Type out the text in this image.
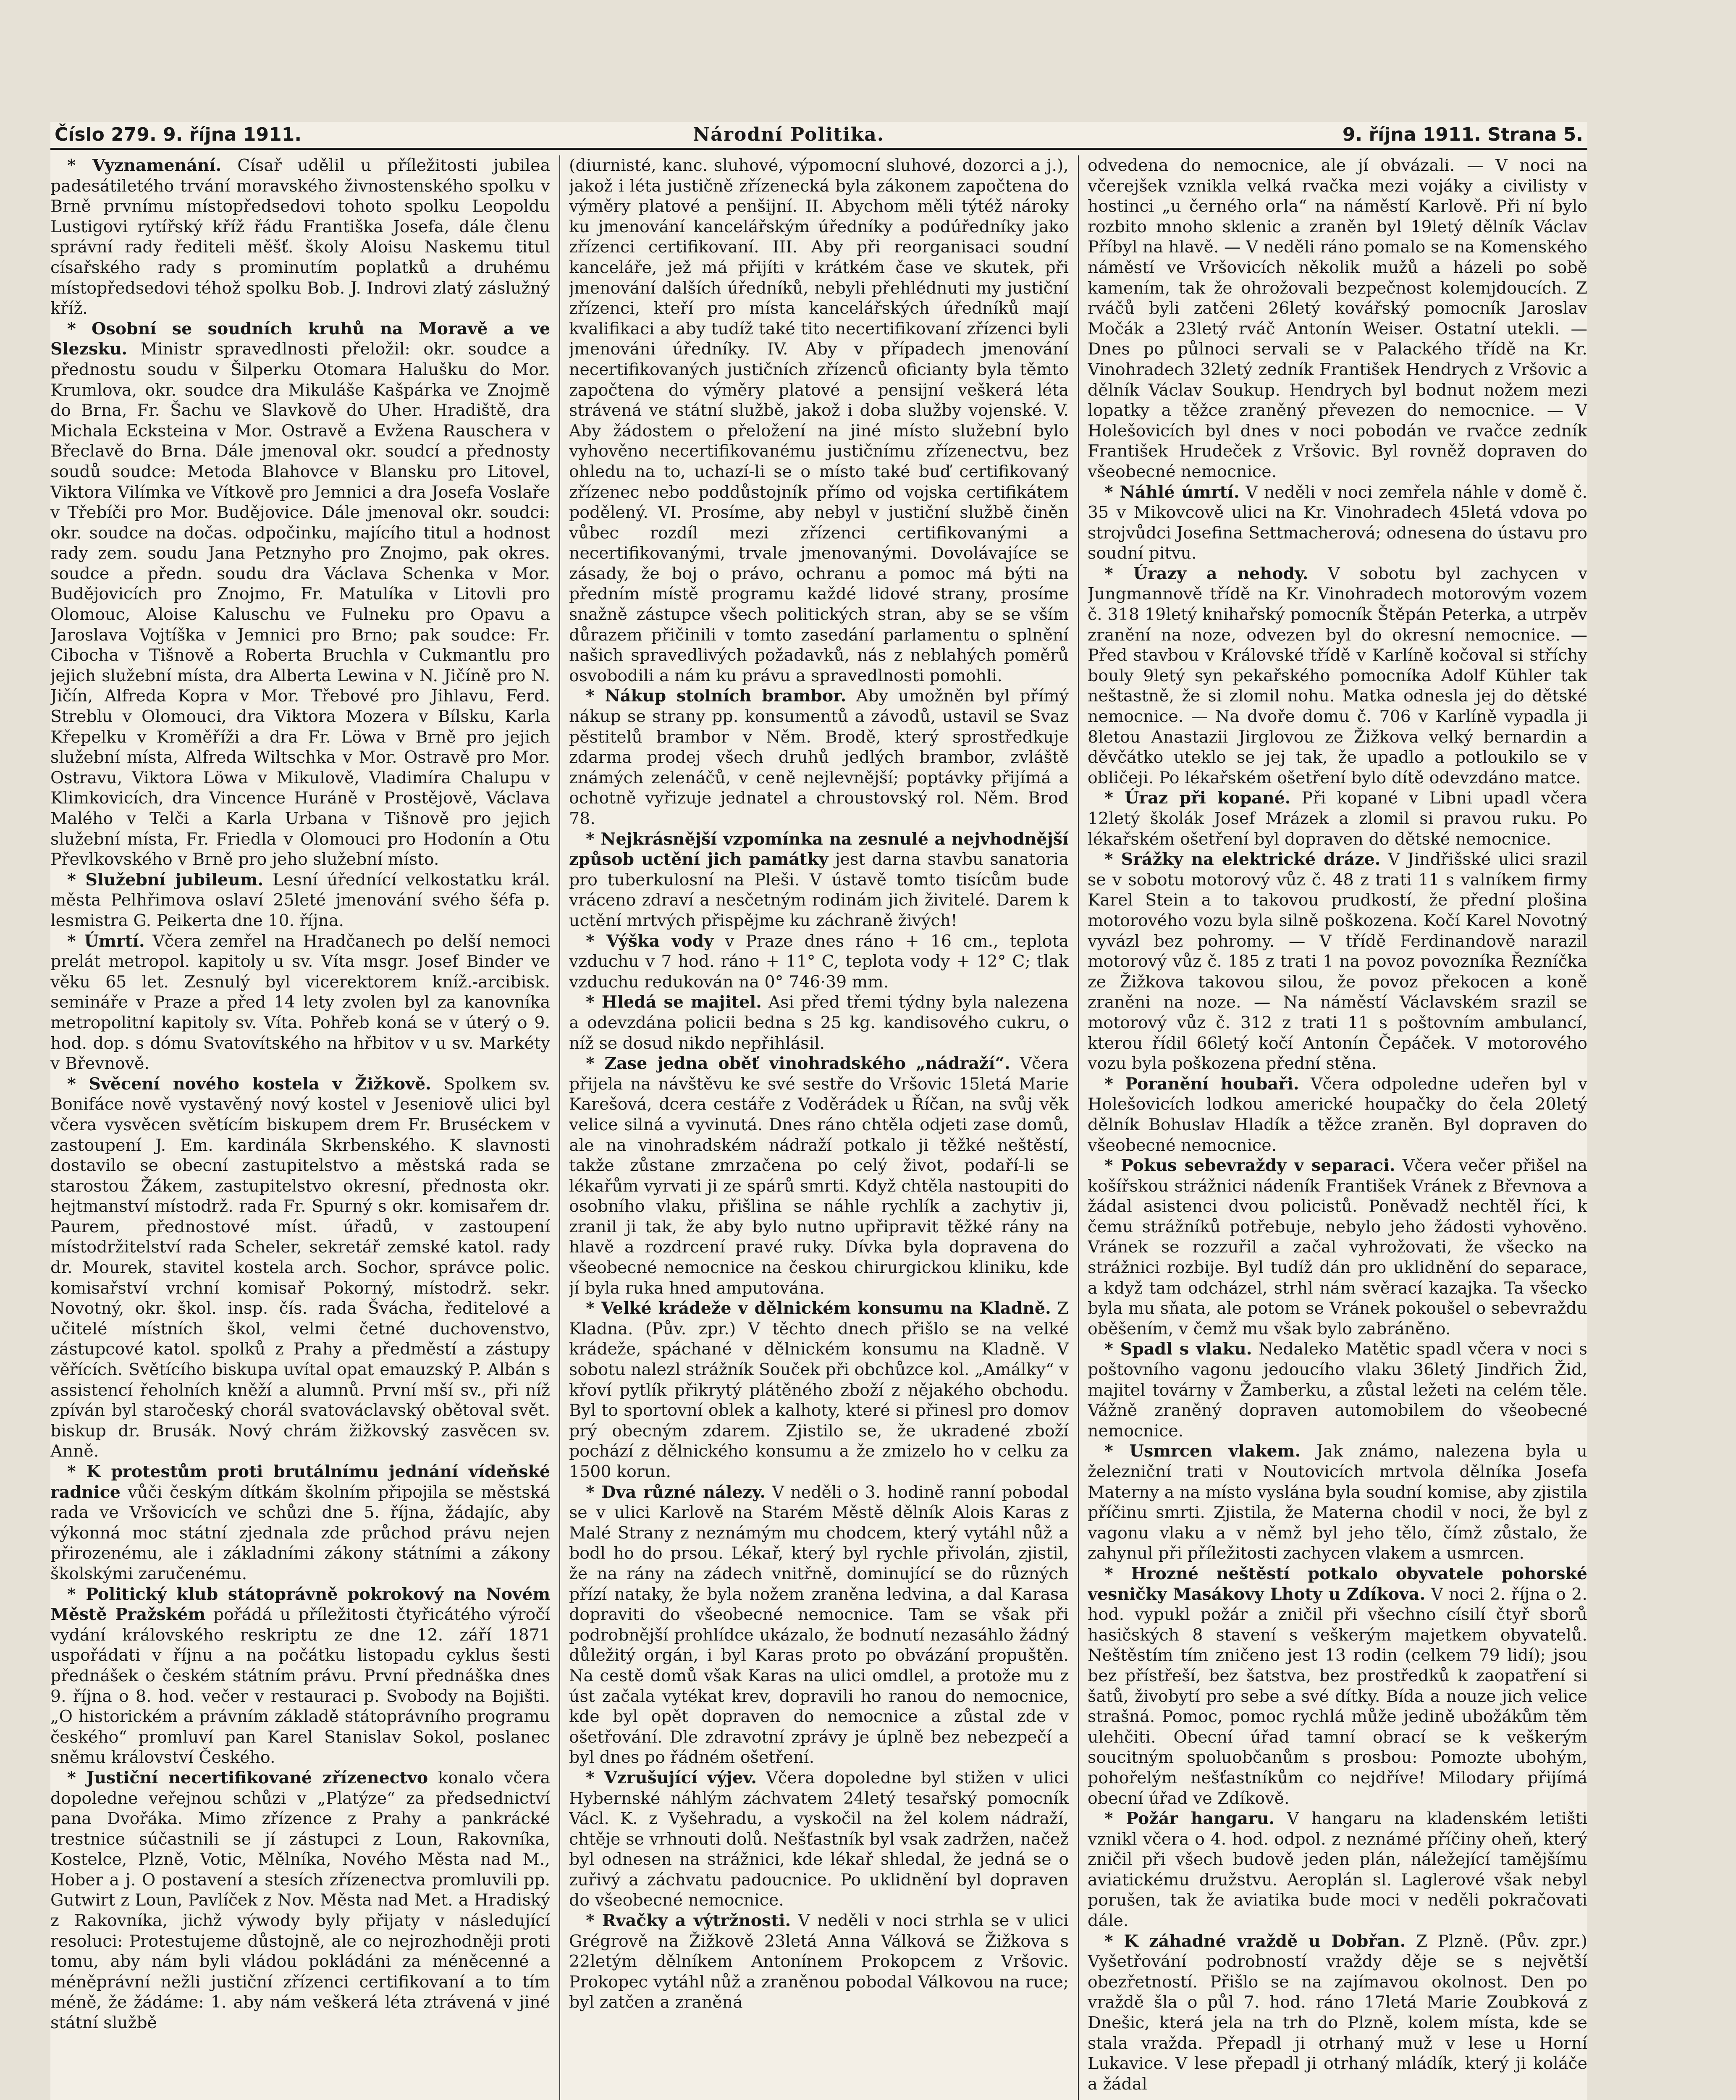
Číslo 279. 9. října 1911.	Národní Politika.	9. října 1911. Strana 5.

* Vyznamenání. Císař udělil u příležitosti jubilea padesátiletého trvání moravského živnostenského spolku v Brně prvnímu místopředsedovi tohoto spolku Leopoldu Lustigovi rytířský kříž řádu Františka Josefa, dále členu správní rady řediteli měšť. školy Aloisu Naskemu titul císařského rady s prominutím poplatků a druhému místopředsedovi téhož spolku Bob. J. Indrovi zlatý záslužný kříž.

* Osobní se soudních kruhů na Moravě a ve Slezsku. Ministr spravedlnosti přeložil: okr. soudce a přednostu soudu v Šilperku Otomara Halušku do Mor. Krumlova, okr. soudce dra Mikuláše Kašpárka ve Znojmě do Brna, Fr. Šachu ve Slavkově do Uher. Hradiště, dra Michala Ecksteina v Mor. Ostravě a Evžena Rauschera v Břeclavě do Brna. Dále jmenoval okr. soudcí a přednosty soudů soudce: Metoda Blahovce v Blansku pro Litovel, Viktora Vilímka ve Vítkově pro Jemnici a dra Josefa Voslaře v Třebíči pro Mor. Budějovice. Dále jmenoval okr. soudci: okr. soudce na dočas. odpočinku, majícího titul a hodnost rady zem. soudu Jana Petznyho pro Znojmo, pak okres. soudce a předn. soudu dra Václava Schenka v Mor. Budějovicích pro Znojmo, Fr. Matulíka v Litovli pro Olomouc, Aloise Kaluschu ve Fulneku pro Opavu a Jaroslava Vojtíška v Jemnici pro Brno; pak soudce: Fr. Cibocha v Tišnově a Roberta Bruchla v Cukmantlu pro jejich služební místa, dra Alberta Lewina v N. Jičíně pro N. Jičín, Alfreda Kopra v Mor. Třebové pro Jihlavu, Ferd. Streblu v Olomouci, dra Viktora Mozera v Bílsku, Karla Křepelku v Kroměříži a dra Fr. Löwa v Brně pro jejich služební místa, Alfreda Wiltschka v Mor. Ostravě pro Mor. Ostravu, Viktora Löwa v Mikulově, Vladimíra Chalupu v Klimkovicích, dra Vincence Huráně v Prostějově, Václava Malého v Telči a Karla Urbana v Tišnově pro jejich služební místa, Fr. Friedla v Olomouci pro Hodonín a Otu Převlkovského v Brně pro jeho služební místo.

* Služební jubileum. Lesní úřednící velkostatku král. města Pelhřimova oslaví 25leté jmenování svého šéfa p. lesmistra G. Peikerta dne 10. října.

* Úmrtí. Včera zemřel na Hradčanech po delší nemoci prelát metropol. kapitoly u sv. Víta msgr. Josef Binder ve věku 65 let. Zesnulý byl vicerektorem kníž.-arcibisk. semináře v Praze a před 14 lety zvolen byl za kanovníka metropolitní kapitoly sv. Víta. Pohřeb koná se v úterý o 9. hod. dop. s dómu Svatovítského na hřbitov v u sv. Markéty v Břevnově.

* Svěcení nového kostela v Žižkově. Spolkem sv. Bonifáce nově vystavěný nový kostel v Jeseniově ulici byl včera vysvěcen světícím biskupem drem Fr. Bruséckem v zastoupení J. Em. kardinála Skrbenského. K slavnosti dostavilo se obecní zastupitelstvo a městská rada se starostou Žákem, zastupitelstvo okresní, přednosta okr. hejtmanství místodrž. rada Fr. Spurný s okr. komisařem dr. Paurem, přednostové míst. úřadů, v zastoupení místodržitelství rada Scheler, sekretář zemské katol. rady dr. Mourek, stavitel kostela arch. Sochor, správce polic. komisařství vrchní komisař Pokorný, místodrž. sekr. Novotný, okr. škol. insp. čís. rada Švácha, ředitelové a učitelé místních škol, velmi četné duchovenstvo, zástupcové katol. spolků z Prahy a předměstí a zástupy věřících. Světícího biskupa uvítal opat emauzský P. Albán s assistencí řeholních kněží a alumnů. První mší sv., při níž zpíván byl staročeský chorál svatováclavský obětoval svět. biskup dr. Brusák. Nový chrám žižkovský zasvěcen sv. Anně.

* K protestům proti brutálnímu jednání vídeňské radnice vůči českým dítkám školním připojila se městská rada ve Vršovicích ve schůzi dne 5. října, žádajíc, aby výkonná moc státní zjednala zde průchod právu nejen přirozenému, ale i základními zákony státními a zákony školskými zaručenému.

* Politický klub státoprávně pokrokový na Novém Městě Pražském pořádá u příležitosti čtyřicátého výročí vydání královského reskriptu ze dne 12. září 1871 uspořádati v říjnu a na počátku listopadu cyklus šesti přednášek o českém státním právu. První přednáška dnes 9. října o 8. hod. večer v restauraci p. Svobody na Bojišti. „O historickém a právním základě státoprávního programu českého“ promluví pan Karel Stanislav Sokol, poslanec sněmu království Českého.

* Justiční necertifikované zřízenectvo konalo včera dopoledne veřejnou schůzi v „Platýze“ za předsednictví pana Dvořáka. Mimo zřízence z Prahy a pankrácké trestnice súčastnili se jí zástupci z Loun, Rakovníka, Kostelce, Plzně, Votic, Mělníka, Nového Města nad M., Hober a j. O postavení a stesích zřízenectva promluvili pp. Gutwirt z Loun, Pavlíček z Nov. Města nad Met. a Hradiský z Rakovníka, jichž výwody byly přijaty v následující resoluci: Protestujeme důstojně, ale co nejrozhodněji proti tomu, aby nám byli vládou pokládáni za méněcenné a méněprávní nežli justiční zřízenci certifikovaní a to tím méně, že žádáme: 1. aby nám veškerá léta ztrávená v jiné státní službě

(diurnisté, kanc. sluhové, výpomocní sluhové, dozorci a j.), jakož i léta justičně zřízenecká byla zákonem započtena do výměry platové a penšijní. II. Abychom měli týtéž nároky ku jmenování kancelářským úředníky a podúředníky jako zřízenci certifikovaní. III. Aby při reorganisaci soudní kanceláře, jež má přijíti v krátkém čase ve skutek, při jmenování dalších úředníků, nebyli přehlédnuti my justiční zřízenci, kteří pro místa kancelářských úředníků mají kvalifikaci a aby tudíž také tito necertifikovaní zřízenci byli jmenováni úředníky. IV. Aby v případech jmenování necertifikovaných justičních zřízenců oficianty byla těmto započtena do výměry platové a pensijní veškerá léta strávená ve státní službě, jakož i doba služby vojenské. V. Aby žádostem o přeložení na jiné místo služební bylo vyhověno necertifikovanému justičnímu zřízenectvu, bez ohledu na to, uchazí-li se o místo také buď certifikovaný zřízenec nebo poddůstojník přímo od vojska certifikátem podělený. VI. Prosíme, aby nebyl v justiční službě činěn vůbec rozdíl mezi zřízenci certifikovanými a necertifikovanými, trvale jmenovanými. Dovolávajíce se zásady, že boj o právo, ochranu a pomoc má býti na předním místě programu každé lidové strany, prosíme snažně zástupce všech politických stran, aby se se vším důrazem přičinili v tomto zasedání parlamentu o splnění našich spravedlivých požadavků, nás z neblahých poměrů osvobodili a nám ku právu a spravedlnosti pomohli.

* Nákup stolních brambor. Aby umožněn byl přímý nákup se strany pp. konsumentů a závodů, ustavil se Svaz pěstitelů brambor v Něm. Brodě, který sprostředkuje zdarma prodej všech druhů jedlých brambor, zvláště známých zelenáčů, v ceně nejlevnější; poptávky přijímá a ochotně vyřizuje jednatel a chroustovský rol. Něm. Brod 78.

* Nejkrásnější vzpomínka na zesnulé a nejvhodnější způsob uctění jich památky jest darna stavbu sanatoria pro tuberkulosní na Pleši. V ústavě tomto tisícům bude vráceno zdraví a nesčetným rodinám jich živitelé. Darem k uctění mrtvých přispějme ku záchraně živých!

* Výška vody v Praze dnes ráno + 16 cm., teplota vzduchu v 7 hod. ráno + 11° C, teplota vody + 12° C; tlak vzduchu redukován na 0° 746·39 mm.

* Hledá se majitel. Asi před třemi týdny byla nalezena a odevzdána policii bedna s 25 kg. kandisového cukru, o níž se dosud nikdo nepřihlásil.

* Zase jedna oběť vinohradského „nádraží“. Včera přijela na návštěvu ke své sestře do Vršovic 15letá Marie Karešová, dcera cestáře z Voděrádek u Říčan, na svůj věk velice silná a vyvinutá. Dnes ráno chtěla odjeti zase domů, ale na vinohradském nádraží potkalo ji těžké neštěstí, takže zůstane zmrzačena po celý život, podaří-li se lékařům vyrvati ji ze spárů smrti. Když chtěla nastoupiti do osobního vlaku, přišlina se náhle rychlík a zachytiv ji, zranil ji tak, že aby bylo nutno upřipravit těžké rány na hlavě a rozdrcení pravé ruky. Dívka byla dopravena do všeobecné nemocnice na českou chirurgickou kliniku, kde jí byla ruka hned amputována.

* Velké krádeže v dělnickém konsumu na Kladně. Z Kladna. (Pův. zpr.) V těchto dnech přišlo se na velké krádeže, spáchané v dělnickém konsumu na Kladně. V sobotu nalezl strážník Souček při obchůzce kol. „Amálky“ v křoví pytlík přikrytý plátěného zboží z nějakého obchodu. Byl to sportovní oblek a kalhoty, které si přinesl pro domov prý obecným zdarem. Zjistilo se, že ukradené zboží pochází z dělnického konsumu a že zmizelo ho v celku za 1500 korun.

* Dva různé nálezy. V neděli o 3. hodině ranní pobodal se v ulici Karlově na Starém Městě dělník Alois Karas z Malé Strany z neznámým mu chodcem, který vytáhl nůž a bodl ho do prsou. Lékař, který byl rychle přivolán, zjistil, že na rány na zádech vnitřně, dominující se do různých přízí nataky, že byla nožem zraněna ledvina, a dal Karasa dopraviti do všeobecné nemocnice. Tam se však při podrobnější prohlídce ukázalo, že bodnutí nezasáhlo žádný důležitý orgán, i byl Karas proto po obvázání propuštěn. Na cestě domů však Karas na ulici omdlel, a protože mu z úst začala vytékat krev, dopravili ho ranou do nemocnice, kde byl opět dopraven do nemocnice a zůstal zde v ošetřování. Dle zdravotní zprávy je úplně bez nebezpečí a byl dnes po řádném ošetření.

* Vzrušující výjev. Včera dopoledne byl stižen v ulici Hybernské náhlým záchvatem 24letý tesařský pomocník Václ. K. z Vyšehradu, a vyskočil na žel kolem nádraží, chtěje se vrhnouti dolů. Nešťastník byl vsak zadržen, načež byl odnesen na strážnici, kde lékař shledal, že jedná se o zuřivý a záchvatu padoucnice. Po uklidnění byl dopraven do všeobecné nemocnice.

* Rvačky a výtržnosti. V neděli v noci strhla se v ulici Grégrově na Žižkově 23letá Anna Válková se Žižkova s 22letým dělníkem Antonínem Prokopcem z Vršovic. Prokopec vytáhl nůž a zraněnou pobodal Válkovou na ruce; byl zatčen a zraněná

odvedena do nemocnice, ale jí obvázali. — V noci na včerejšek vznikla velká rvačka mezi vojáky a civilisty v hostinci „u černého orla“ na náměstí Karlově. Při ní bylo rozbito mnoho sklenic a zraněn byl 19letý dělník Václav Příbyl na hlavě. — V neděli ráno pomalo se na Komenského náměstí ve Vršovicích několik mužů a házeli po sobě kamením, tak že ohrožovali bezpečnost kolemjdoucích. Z rváčů byli zatčeni 26letý kovářský pomocník Jaroslav Močák a 23letý rváč Antonín Weiser. Ostatní utekli. — Dnes po půlnoci servali se v Palackého třídě na Kr. Vinohradech 32letý zedník František Hendrych z Vršovic a dělník Václav Soukup. Hendrych byl bodnut nožem mezi lopatky a těžce zraněný převezen do nemocnice. — V Holešovicích byl dnes v noci pobodán ve rvačce zedník František Hrudeček z Vršovic. Byl rovněž dopraven do všeobecné nemocnice.

* Náhlé úmrtí. V neděli v noci zemřela náhle v domě č. 35 v Mikovcově ulici na Kr. Vinohradech 45letá vdova po strojvůdci Josefina Settmacherová; odnesena do ústavu pro soudní pitvu.

* Úrazy a nehody. V sobotu byl zachycen v Jungmannově třídě na Kr. Vinohradech motorovým vozem č. 318 19letý knihařský pomocník Štěpán Peterka, a utrpěv zranění na noze, odvezen byl do okresní nemocnice. — Před stavbou v Královské třídě v Karlíně kočoval si stříchy bouly 9letý syn pekařského pomocníka Adolf Kühler tak neštastně, že si zlomil nohu. Matka odnesla jej do dětské nemocnice. — Na dvoře domu č. 706 v Karlíně vypadla ji 8letou Anastazii Jirglovou ze Žižkova velký bernardin a děvčátko uteklo se jej tak, že upadlo a potloukilo se v obličeji. Po lékařském ošetření bylo dítě odevzdáno matce.

* Úraz při kopané. Při kopané v Libni upadl včera 12letý školák Josef Mrázek a zlomil si pravou ruku. Po lékařském ošetření byl dopraven do dětské nemocnice.

* Srážky na elektrické dráze. V Jindřišské ulici srazil se v sobotu motorový vůz č. 48 z trati 11 s valníkem firmy Karel Stein a to takovou prudkostí, že přední plošina motorového vozu byla silně poškozena. Kočí Karel Novotný vyvázl bez pohromy. — V třídě Ferdinandově narazil motorový vůz č. 185 z trati 1 na povoz povozníka Řezníčka ze Žižkova takovou silou, že povoz překocen a koně zraněni na noze. — Na náměstí Václavském srazil se motorový vůz č. 312 z trati 11 s poštovním ambulancí, kterou řídil 66letý kočí Antonín Čepáček. V motorového vozu byla poškozena přední stěna.

* Poranění houbaři. Včera odpoledne udeřen byl v Holešovicích lodkou americké houpačky do čela 20letý dělník Bohuslav Hladík a těžce zraněn. Byl dopraven do všeobecné nemocnice.

* Pokus sebevraždy v separaci. Včera večer přišel na košířskou strážnici nádeník František Vránek z Břevnova a žádal asistenci dvou policistů. Poněvadž nechtěl říci, k čemu strážníků potřebuje, nebylo jeho žádosti vyhověno. Vránek se rozzuřil a začal vyhrožovati, že všecko na strážnici rozbije. Byl tudíž dán pro uklidnění do separace, a když tam odcházel, strhl nám svěrací kazajka. Ta všecko byla mu sňata, ale potom se Vránek pokoušel o sebevraždu oběšením, v čemž mu však bylo zabráněno.

* Spadl s vlaku. Nedaleko Matětic spadl včera v noci s poštovního vagonu jedoucího vlaku 36letý Jindřich Žid, majitel továrny v Žamberku, a zůstal ležeti na celém těle. Vážně zraněný dopraven automobilem do všeobecné nemocnice.

* Usmrcen vlakem. Jak známo, nalezena byla u železniční trati v Noutovicích mrtvola dělníka Josefa Materny a na místo vyslána byla soudní komise, aby zjistila příčinu smrti. Zjistila, že Materna chodil v noci, že byl z vagonu vlaku a v němž byl jeho tělo, čímž zůstalo, že zahynul při příležitosti zachycen vlakem a usmrcen.

* Hrozné neštěstí potkalo obyvatele pohorské vesničky Masákovy Lhoty u Zdíkova. V noci 2. října o 2. hod. vypukl požár a zničil při všechno císilí čtyř sborů hasičských 8 stavení s veškerým majetkem obyvatelů. Neštěstím tím zničeno jest 13 rodin (celkem 79 lidí); jsou bez přístřeší, bez šatstva, bez prostředků k zaopatření si šatů, živobytí pro sebe a své dítky. Bída a nouze jich velice strašná. Pomoc, pomoc rychlá může jedině ubožákům těm ulehčiti. Obecní úřad tamní obrací se k veškerým soucitným spoluobčanům s prosbou: Pomozte ubohým, pohořelým nešťastníkům co nejdříve! Milodary přijímá obecní úřad ve Zdíkově.

* Požár hangaru. V hangaru na kladenském letišti vznikl včera o 4. hod. odpol. z neznámé příčiny oheň, který zničil při všech budově jeden plán, náležející tamějšímu aviatickému družstvu. Aeroplán sl. Laglerové však nebyl porušen, tak že aviatika bude moci v neděli pokračovati dále.

* K záhadné vraždě u Dobřan. Z Plzně. (Pův. zpr.) Vyšetřování podrobností vraždy děje se s největší obezřetností. Přišlo se na zajímavou okolnost. Den po vraždě šla o půl 7. hod. ráno 17letá Marie Zoubková z Dnešic, která jela na trh do Plzně, kolem místa, kde se stala vražda. Přepadl ji otrhaný muž v lese u Horní Lukavice. V lese přepadl ji otrhaný mládík, který ji koláče a žádal
